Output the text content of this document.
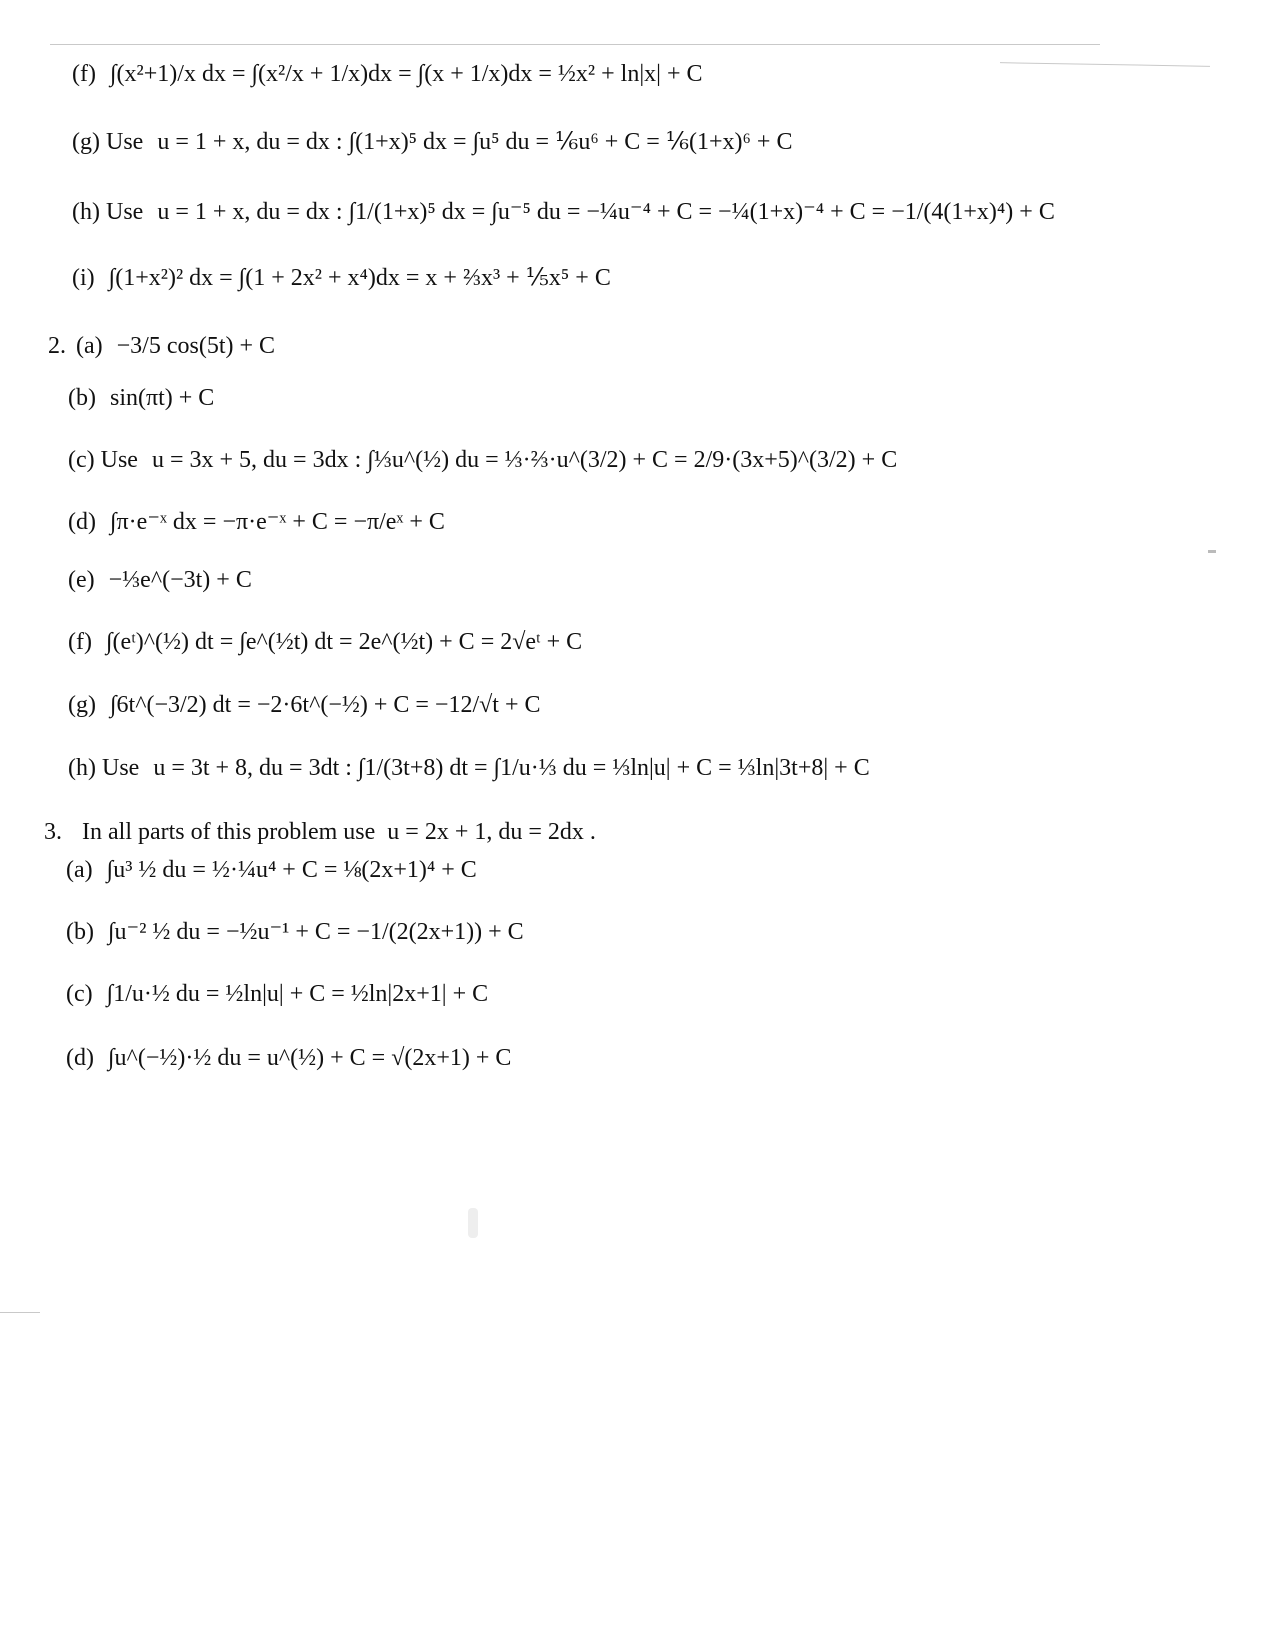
(f) ∫(x²+1)/x dx = ∫(x²/x + 1/x)dx = ∫(x + 1/x)dx = ½x² + ln|x| + C
(g) Use u = 1 + x, du = dx : ∫(1+x)⁵ dx = ∫u⁵ du = ⅙u⁶ + C = ⅙(1+x)⁶ + C
(h) Use u = 1 + x, du = dx : ∫1/(1+x)⁵ dx = ∫u⁻⁵ du = −¼u⁻⁴ + C = −¼(1+x)⁻⁴ + C = −1/(4(1+x)⁴) + C
(i) ∫(1+x²)² dx = ∫(1 + 2x² + x⁴)dx = x + ⅔x³ + ⅕x⁵ + C
2. (a) −3/5 cos(5t) + C
(b) sin(πt) + C
(c) Use u = 3x + 5, du = 3dx : ∫⅓u^(½) du = ⅓·⅔·u^(3/2) + C = 2/9·(3x+5)^(3/2) + C
(d) ∫π·e⁻ˣ dx = −π·e⁻ˣ + C = −π/eˣ + C
(e) −⅓e^(−3t) + C
(f) ∫(eᵗ)^(½) dt = ∫e^(½t) dt = 2e^(½t) + C = 2√eᵗ + C
(g) ∫6t^(−3/2) dt = −2·6t^(−½) + C = −12/√t + C
(h) Use u = 3t + 8, du = 3dt : ∫1/(3t+8) dt = ∫1/u·⅓ du = ⅓ln|u| + C = ⅓ln|3t+8| + C
3. In all parts of this problem use u = 2x + 1, du = 2dx .
(a) ∫u³ ½ du = ½·¼u⁴ + C = ⅛(2x+1)⁴ + C
(b) ∫u⁻² ½ du = −½u⁻¹ + C = −1/(2(2x+1)) + C
(c) ∫1/u·½ du = ½ln|u| + C = ½ln|2x+1| + C
(d) ∫u^(−½)·½ du = u^(½) + C = √(2x+1) + C
